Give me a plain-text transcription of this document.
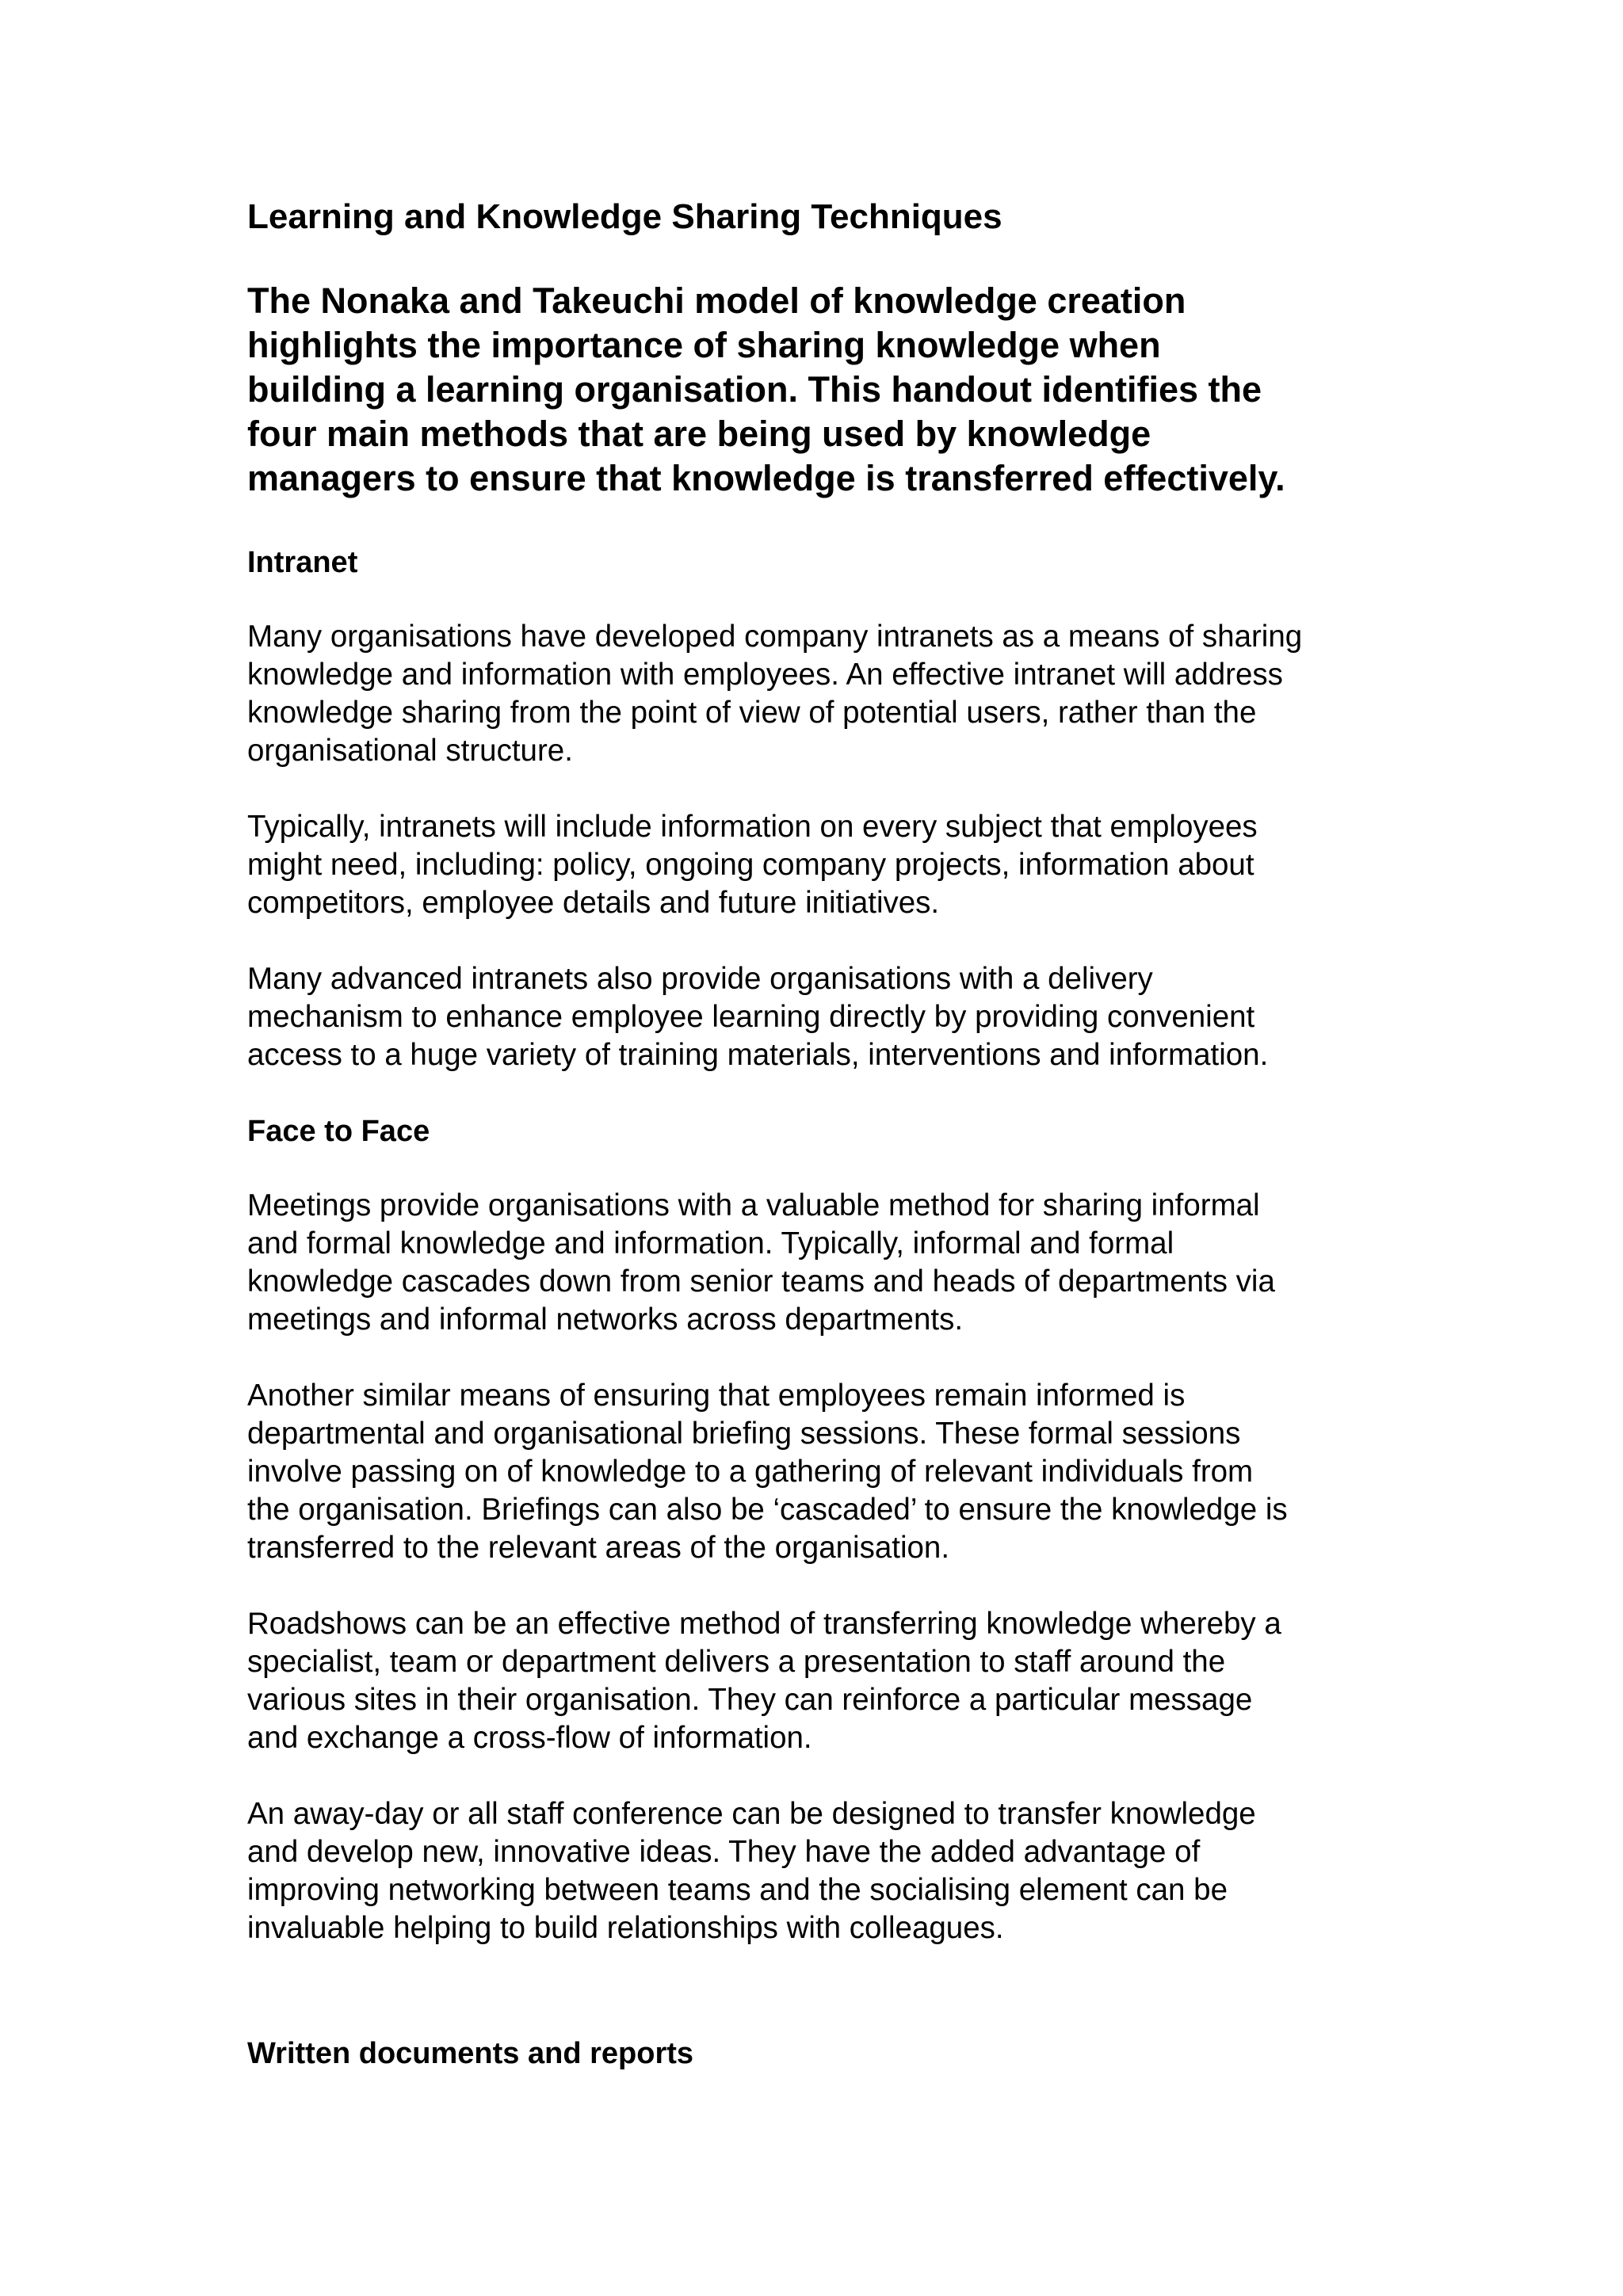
Learning and Knowledge Sharing Techniques
The Nonaka and Takeuchi model of knowledge creation
highlights the importance of sharing knowledge when
building a learning organisation. This handout identifies the
four main methods that are being used by knowledge
managers to ensure that knowledge is transferred effectively.
Intranet
Many organisations have developed company intranets as a means of sharing
knowledge and information with employees. An effective intranet will address
knowledge sharing from the point of view of potential users, rather than the
organisational structure.
Typically, intranets will include information on every subject that employees
might need, including: policy, ongoing company projects, information about
competitors, employee details and future initiatives.
Many advanced intranets also provide organisations with a delivery
mechanism to enhance employee learning directly by providing convenient
access to a huge variety of training materials, interventions and information.
Face to Face
Meetings provide organisations with a valuable method for sharing informal
and formal knowledge and information. Typically, informal and formal
knowledge cascades down from senior teams and heads of departments via
meetings and informal networks across departments.
Another similar means of ensuring that employees remain informed is
departmental and organisational briefing sessions. These formal sessions
involve passing on of knowledge to a gathering of relevant individuals from
the organisation. Briefings can also be ‘cascaded’ to ensure the knowledge is
transferred to the relevant areas of the organisation.
Roadshows can be an effective method of transferring knowledge whereby a
specialist, team or department delivers a presentation to staff around the
various sites in their organisation. They can reinforce a particular message
and exchange a cross-flow of information.
An away-day or all staff conference can be designed to transfer knowledge
and develop new, innovative ideas. They have the added advantage of
improving networking between teams and the socialising element can be
invaluable helping to build relationships with colleagues.
Written documents and reports
